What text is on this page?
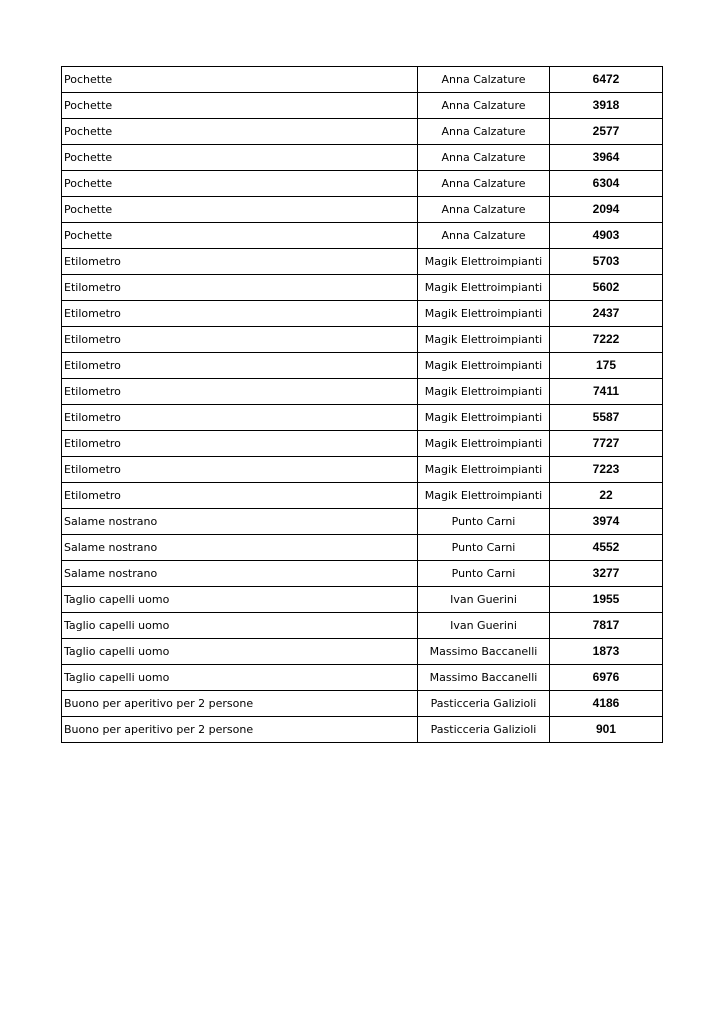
Pochette	Anna Calzature	6472
Pochette	Anna Calzature	3918
Pochette	Anna Calzature	2577
Pochette	Anna Calzature	3964
Pochette	Anna Calzature	6304
Pochette	Anna Calzature	2094
Pochette	Anna Calzature	4903
Etilometro	Magik Elettroimpianti	5703
Etilometro	Magik Elettroimpianti	5602
Etilometro	Magik Elettroimpianti	2437
Etilometro	Magik Elettroimpianti	7222
Etilometro	Magik Elettroimpianti	175
Etilometro	Magik Elettroimpianti	7411
Etilometro	Magik Elettroimpianti	5587
Etilometro	Magik Elettroimpianti	7727
Etilometro	Magik Elettroimpianti	7223
Etilometro	Magik Elettroimpianti	22
Salame nostrano	Punto Carni	3974
Salame nostrano	Punto Carni	4552
Salame nostrano	Punto Carni	3277
Taglio capelli uomo	Ivan Guerini	1955
Taglio capelli uomo	Ivan Guerini	7817
Taglio capelli uomo	Massimo Baccanelli	1873
Taglio capelli uomo	Massimo Baccanelli	6976
Buono per aperitivo per 2 persone	Pasticceria Galizioli	4186
Buono per aperitivo per 2 persone	Pasticceria Galizioli	901
